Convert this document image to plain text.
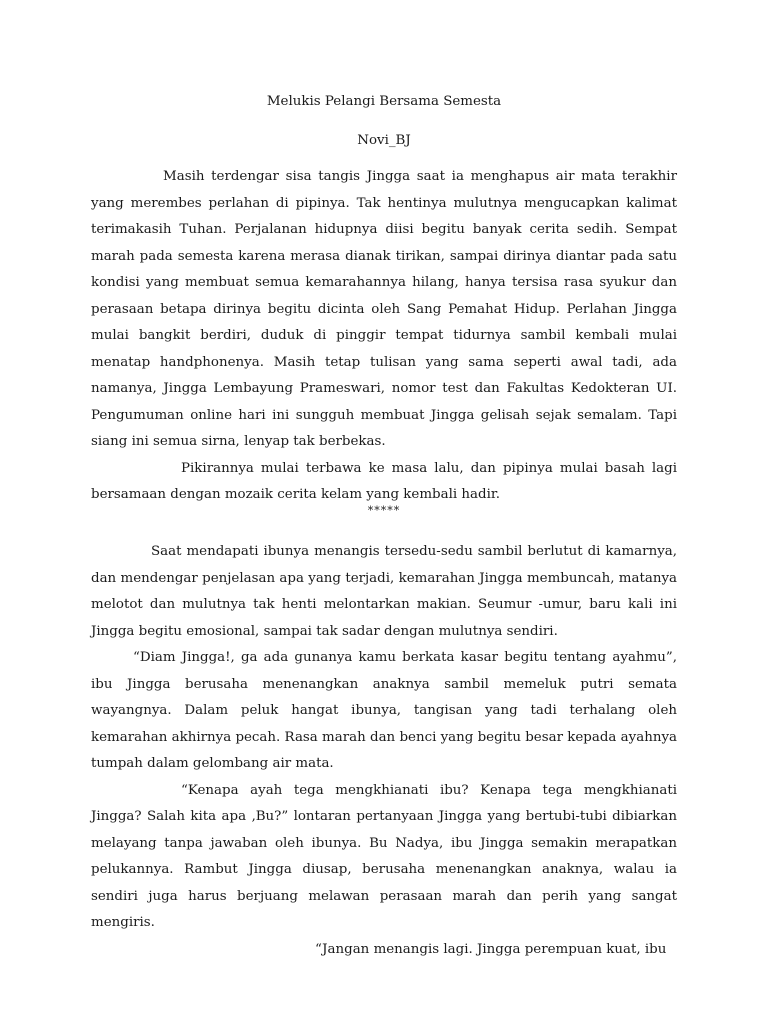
Melukis Pelangi Bersama Semesta
Novi_BJ

Masih terdengar sisa tangis Jingga saat ia menghapus air mata terakhir yang merembes perlahan di pipinya. Tak hentinya mulutnya mengucapkan kalimat terimakasih Tuhan. Perjalanan hidupnya diisi begitu banyak cerita sedih. Sempat marah pada semesta karena merasa dianak tirikan, sampai dirinya diantar pada satu kondisi yang membuat semua kemarahannya hilang, hanya tersisa rasa syukur dan perasaan betapa dirinya begitu dicinta oleh Sang Pemahat Hidup. Perlahan Jingga mulai bangkit berdiri, duduk di pinggir tempat tidurnya sambil kembali mulai menatap handphonenya. Masih tetap tulisan yang sama seperti awal tadi, ada namanya, Jingga Lembayung Prameswari, nomor test dan Fakultas Kedokteran UI. Pengumuman online hari ini sungguh membuat Jingga gelisah sejak semalam. Tapi siang ini semua sirna, lenyap tak berbekas.

Pikirannya mulai terbawa ke masa lalu, dan pipinya mulai basah lagi bersamaan dengan mozaik cerita kelam yang kembali hadir.

*****

Saat mendapati ibunya menangis tersedu-sedu sambil berlutut di kamarnya, dan mendengar penjelasan apa yang terjadi, kemarahan Jingga membuncah, matanya melotot dan mulutnya tak henti melontarkan makian. Seumur -umur, baru kali ini Jingga begitu emosional, sampai tak sadar dengan mulutnya sendiri.

“Diam Jingga!, ga ada gunanya kamu berkata kasar begitu tentang ayahmu”, ibu Jingga berusaha menenangkan anaknya sambil memeluk putri semata wayangnya. Dalam peluk hangat ibunya, tangisan yang tadi terhalang oleh kemarahan akhirnya pecah. Rasa marah dan benci yang begitu besar kepada ayahnya tumpah dalam gelombang air mata.

“Kenapa ayah tega mengkhianati ibu? Kenapa tega mengkhianati Jingga? Salah kita apa ‚Bu?” lontaran pertanyaan Jingga yang bertubi-tubi dibiarkan melayang tanpa jawaban oleh ibunya. Bu Nadya, ibu Jingga semakin merapatkan pelukannya. Rambut Jingga diusap, berusaha menenangkan anaknya, walau ia sendiri juga harus berjuang melawan perasaan marah dan perih yang sangat mengiris.

“Jangan menangis lagi. Jingga perempuan kuat, ibu
